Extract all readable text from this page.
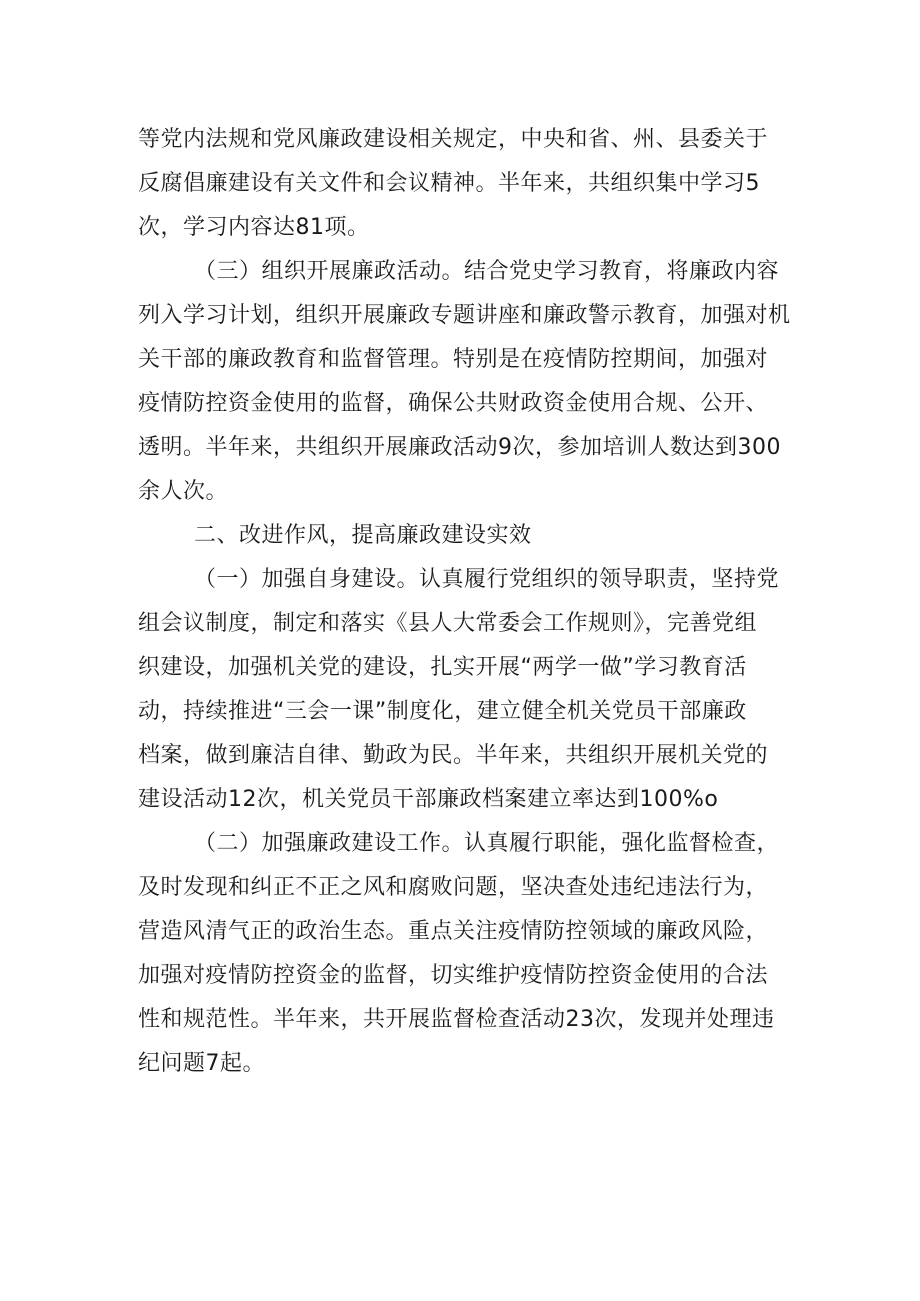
等党内法规和党风廉政建设相关规定，中央和省、州、县委关于
反腐倡廉建设有关文件和会议精神。半年来，共组织集中学习5
次，学习内容达81项。
（三）组织开展廉政活动。结合党史学习教育，将廉政内容
列入学习计划，组织开展廉政专题讲座和廉政警示教育，加强对机
关干部的廉政教育和监督管理。特别是在疫情防控期间，加强对
疫情防控资金使用的监督，确保公共财政资金使用合规、公开、
透明。半年来，共组织开展廉政活动9次，参加培训人数达到300
余人次。
二、改进作风，提高廉政建设实效
（一）加强自身建设。认真履行党组织的领导职责，坚持党
组会议制度，制定和落实《县人大常委会工作规则》，完善党组
织建设，加强机关党的建设，扎实开展“两学一做”学习教育活
动，持续推进“三会一课”制度化，建立健全机关党员干部廉政
档案，做到廉洁自律、勤政为民。半年来，共组织开展机关党的
建设活动12次，机关党员干部廉政档案建立率达到100%o
（二）加强廉政建设工作。认真履行职能，强化监督检查，
及时发现和纠正不正之风和腐败问题，坚决查处违纪违法行为，
营造风清气正的政治生态。重点关注疫情防控领域的廉政风险，
加强对疫情防控资金的监督，切实维护疫情防控资金使用的合法
性和规范性。半年来，共开展监督检查活动23次，发现并处理违
纪问题7起。
